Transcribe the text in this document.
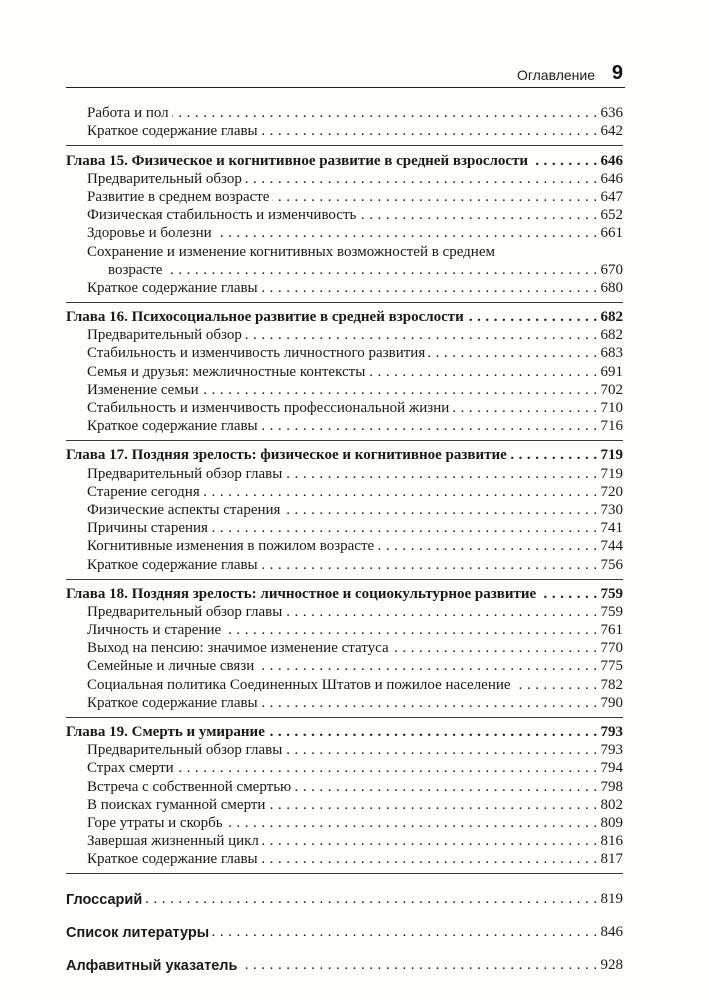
Оглавление 9
Работа и пол . . .	636
Краткое содержание главы . . .	642
Глава 15. Физическое и когнитивное развитие в средней взрослости . . .	646
Предварительный обзор . . .	646
Развитие в среднем возрасте . . .	647
Физическая стабильность и изменчивость . . .	652
Здоровье и болезни . . .	661
Сохранение и изменение когнитивных возможностей в среднем
возрасте . . .	670
Краткое содержание главы . . .	680
Глава 16. Психосоциальное развитие в средней взрослости . . .	682
Предварительный обзор . . .	682
Стабильность и изменчивость личностного развития . . .	683
Семья и друзья: межличностные контексты . . .	691
Изменение семьи . . .	702
Стабильность и изменчивость профессиональной жизни . . .	710
Краткое содержание главы . . .	716
Глава 17. Поздняя зрелость: физическое и когнитивное развитие . . .	719
Предварительный обзор главы . . .	719
Старение сегодня . . .	720
Физические аспекты старения . . .	730
Причины старения . . .	741
Когнитивные изменения в пожилом возрасте . . .	744
Краткое содержание главы . . .	756
Глава 18. Поздняя зрелость: личностное и социокультурное развитие . . .	759
Предварительный обзор главы . . .	759
Личность и старение . . .	761
Выход на пенсию: значимое изменение статуса . . .	770
Семейные и личные связи . . .	775
Социальная политика Соединенных Штатов и пожилое население . . .	782
Краткое содержание главы . . .	790
Глава 19. Смерть и умирание . . .	793
Предварительный обзор главы . . .	793
Страх смерти . . .	794
Встреча с собственной смертью . . .	798
В поисках гуманной смерти . . .	802
Горе утраты и скорбь . . .	809
Завершая жизненный цикл . . .	816
Краткое содержание главы . . .	817
Глоссарий . . .	819
Список литературы . . .	846
Алфавитный указатель . . .	928
